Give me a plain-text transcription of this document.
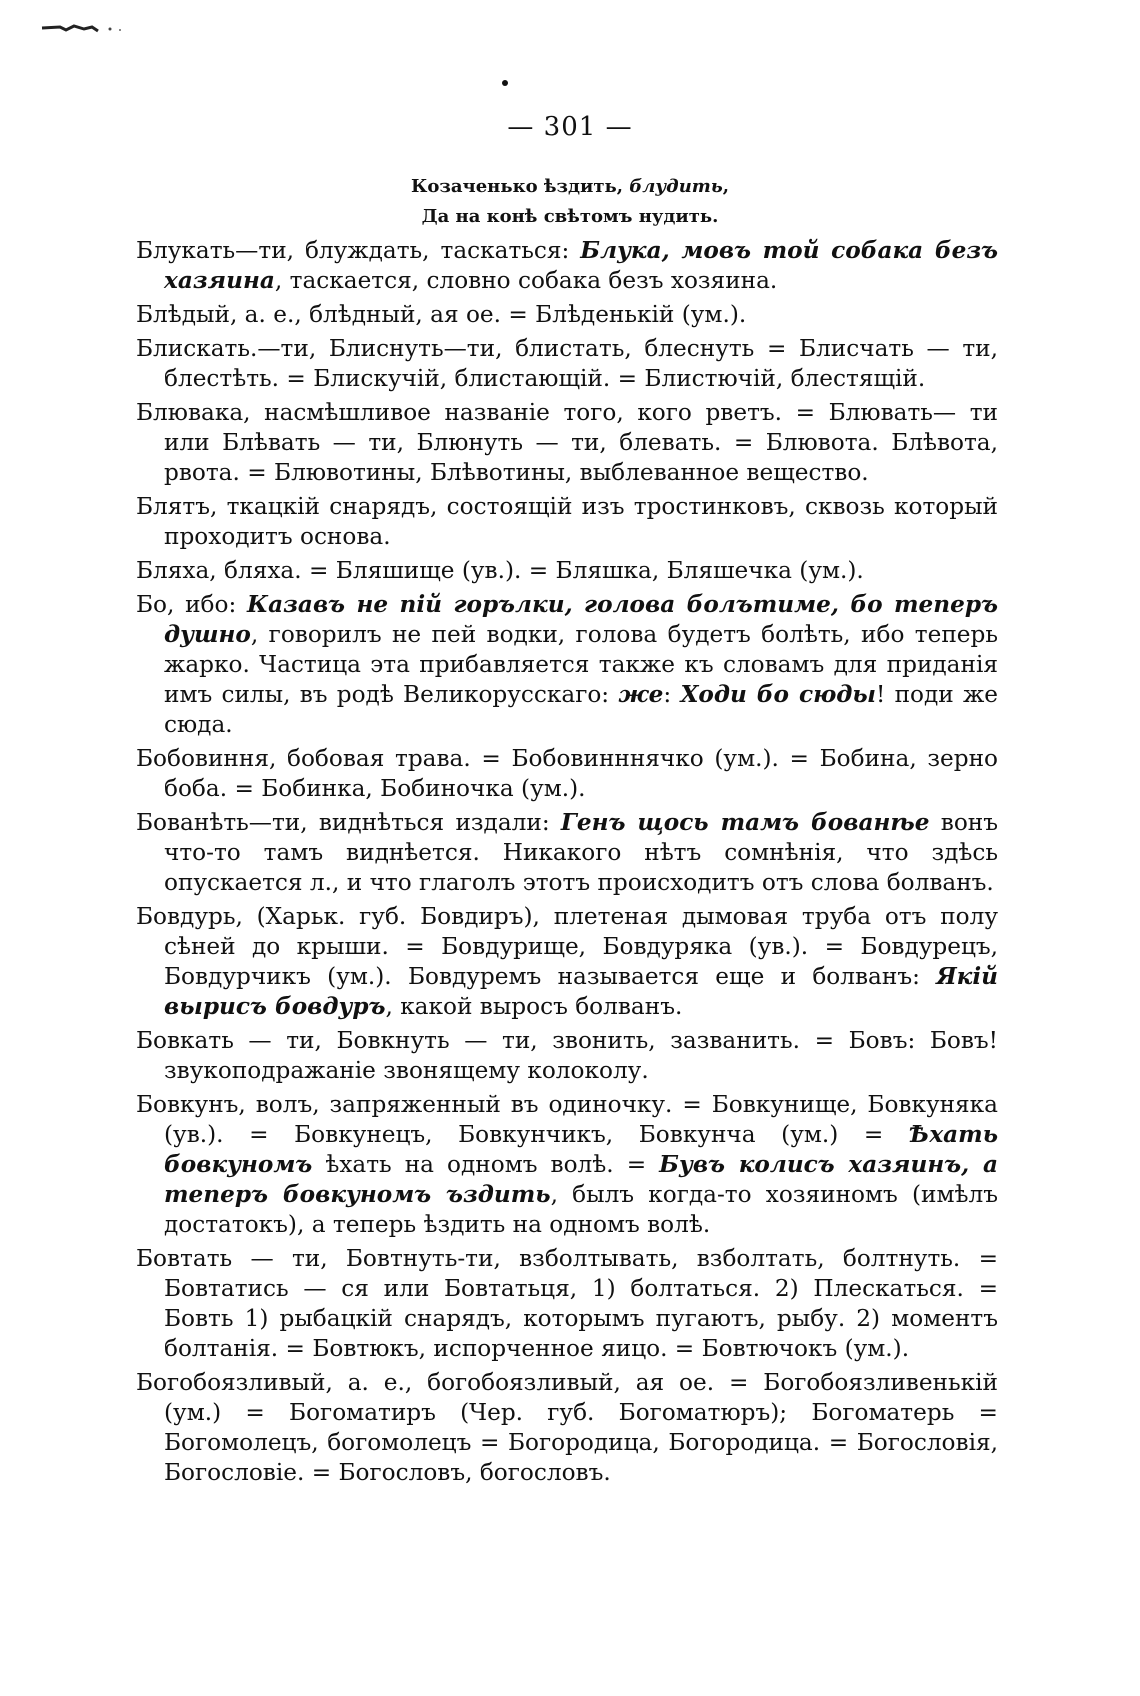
— 301 —
Козаченько ѣздить, блудить,
Да на конѣ свѣтомъ нудить.

Блукать—ти, блуждать, таскаться: Блука, мовъ той собака безъ хазяина, таскается, словно собака безъ хозяина.

Блѣдый, а. е., блѣдный, ая ое. = Блѣденькій (ум.).

Блискать.—ти, Блиснуть—ти, блистать, блеснуть = Блисчать — ти, блестѣть. = Блискучій, блистающій. = Блистючій, блестящій.

Блювака, насмѣшливое названіе того, кого рветъ. = Блювать— ти или Блѣвать — ти, Блюнуть — ти, блевать. = Блювота. Блѣвота, рвота. = Блювотины, Блѣвотины, выблеванное вещество.

Блятъ, ткацкій снарядъ, состоящій изъ тростинковъ, сквозь который проходитъ основа.

Бляха, бляха. = Бляшище (ув.). = Бляшка, Бляшечка (ум.).

Бо, ибо: Казавъ не пій горълки, голова болътиме, бо теперъ душно, говорилъ не пей водки, голова будетъ болѣть, ибо теперь жарко. Частица эта прибавляется также къ словамъ для приданія имъ силы, въ родѣ Великорусскаго: же: Ходи бо сюды! поди же сюда.

Бобовиння, бобовая трава. = Бобовинннячко (ум.). = Бобина, зерно боба. = Бобинка, Бобиночка (ум.).

Бованѣть—ти, виднѣться издали: Генъ щось тамъ бованѣе вонъ что-то тамъ виднѣется. Никакого нѣтъ сомнѣнія, что здѣсь опускается л., и что глаголъ этотъ происходитъ отъ слова болванъ.

Бовдурь, (Харьк. губ. Бовдиръ), плетеная дымовая труба отъ полу сѣней до крыши. = Бовдурище, Бовдуряка (ув.). = Бовдурецъ, Бовдурчикъ (ум.). Бовдуремъ называется еще и болванъ: Якій вырисъ бовдуръ, какой выросъ болванъ.

Бовкать — ти, Бовкнуть — ти, звонить, зазванить. = Бовъ: Бовъ! звукоподражаніе звонящему колоколу.

Бовкунъ, волъ, запряженный въ одиночку. = Бовкунище, Бовкуняка (ув.). = Бовкунецъ, Бовкунчикъ, Бовкунча (ум.) = Ѣхать бовкуномъ ѣхать на одномъ волѣ. = Бувъ колисъ хазяинъ, а теперъ бовкуномъ ъздить, былъ когда-то хозяиномъ (имѣлъ достатокъ), а теперь ѣздить на одномъ волѣ.

Бовтать — ти, Бовтнуть-ти, взболтывать, взболтать, болтнуть. = Бовтатись — ся или Бовтатьця, 1) болтаться. 2) Плескаться. = Бовть 1) рыбацкій снарядъ, которымъ пугаютъ, рыбу. 2) моментъ болтанія. = Бовтюкъ, испорченное яицо. = Бовтючокъ (ум.).

Богобоязливый, а. е., богобоязливый, ая ое. = Богобоязливенькій (ум.) = Богоматиръ (Чер. губ. Богоматюръ); Богоматерь = Богомолецъ, богомолецъ = Богородица, Богородица. = Богословія, Богословіе. = Богословъ, богословъ.
